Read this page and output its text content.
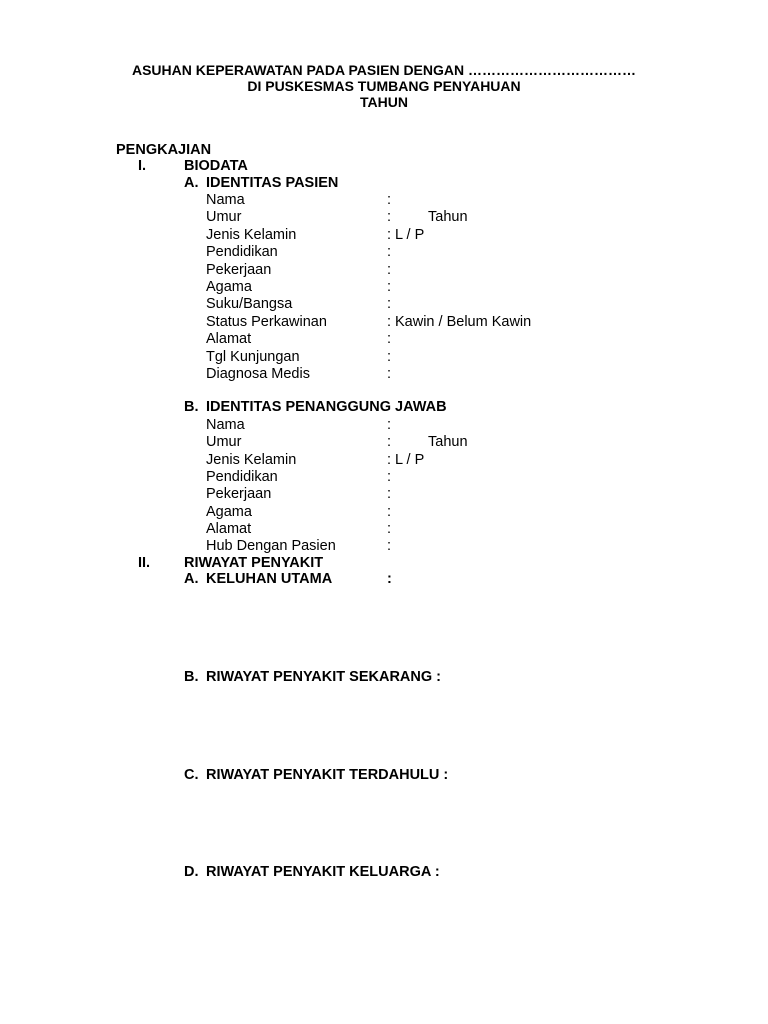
ASUHAN KEPERAWATAN PADA PASIEN DENGAN ………………………………
DI PUSKESMAS TUMBANG PENYAHUAN
TAHUN
PENGKAJIAN
I.	BIODATA
A. IDENTITAS PASIEN
Nama	:
Umur	:	Tahun
Jenis Kelamin	: L / P
Pendidikan	:
Pekerjaan	:
Agama	:
Suku/Bangsa	:
Status Perkawinan	: Kawin / Belum Kawin
Alamat	:
Tgl Kunjungan	:
Diagnosa Medis	:
B. IDENTITAS PENANGGUNG JAWAB
Nama	:
Umur	:	Tahun
Jenis Kelamin	: L / P
Pendidikan	:
Pekerjaan	:
Agama	:
Alamat	:
Hub Dengan Pasien	:
II. RIWAYAT PENYAKIT
A. KELUHAN UTAMA	:
B. RIWAYAT PENYAKIT SEKARANG :
C. RIWAYAT PENYAKIT TERDAHULU :
D. RIWAYAT PENYAKIT KELUARGA :
